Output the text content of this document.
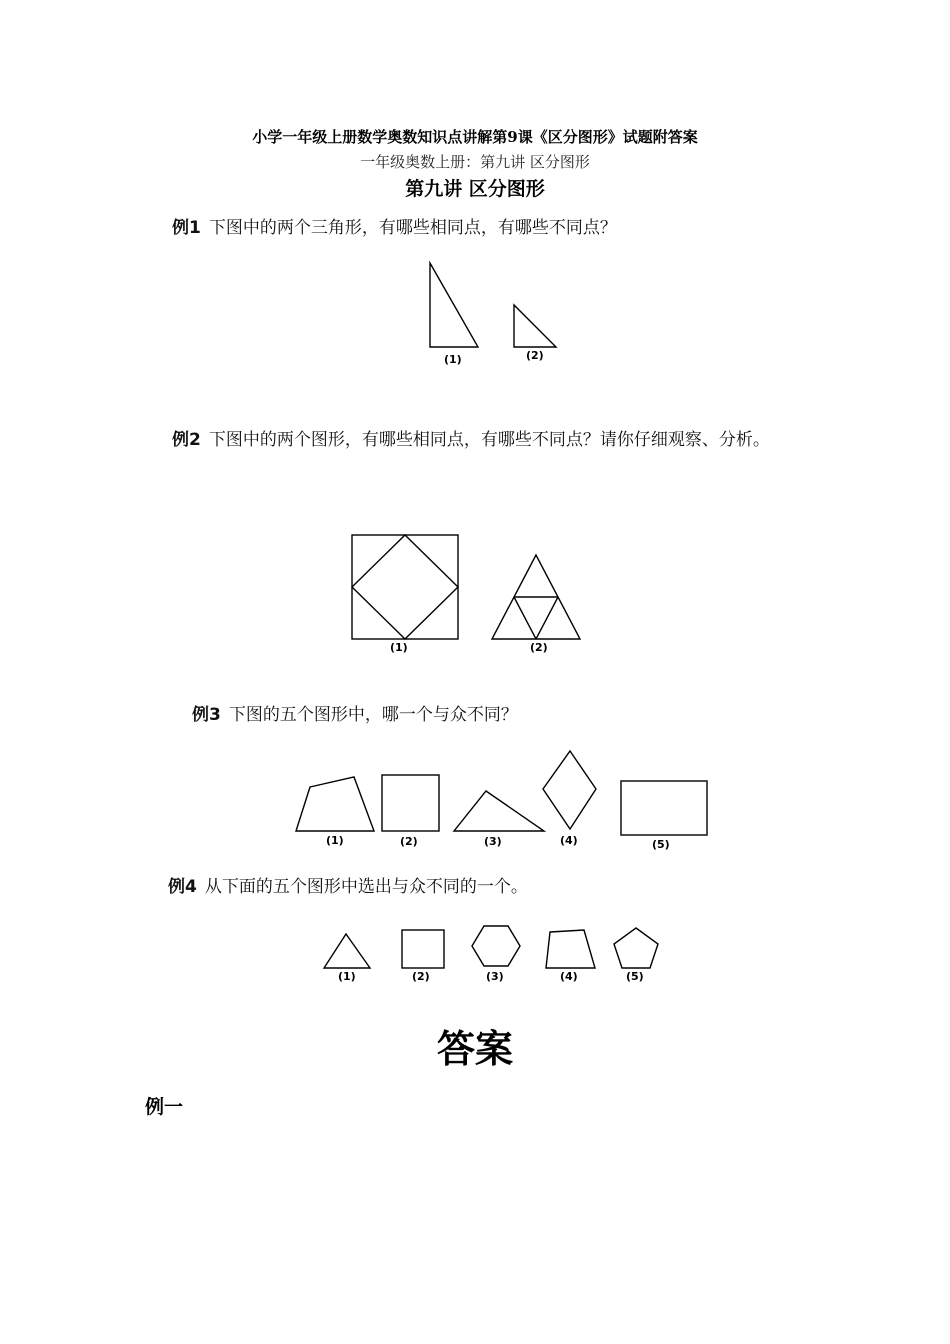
小学一年级上册数学奥数知识点讲解第9课《区分图形》试题附答案
一年级奥数上册：第九讲 区分图形
第九讲 区分图形
例1 下图中的两个三角形，有哪些相同点，有哪些不同点？
(1)	(2)
例2 下图中的两个图形，有哪些相同点，有哪些不同点？请你仔细观察、分析。
(1)	(2)
例3 下图的五个图形中，哪一个与众不同？
(1)	(2)	(3)	(4)	(5)
例4 从下面的五个图形中选出与众不同的一个。
(1)	(2)	(3)	(4)	(5)
答案
例一
